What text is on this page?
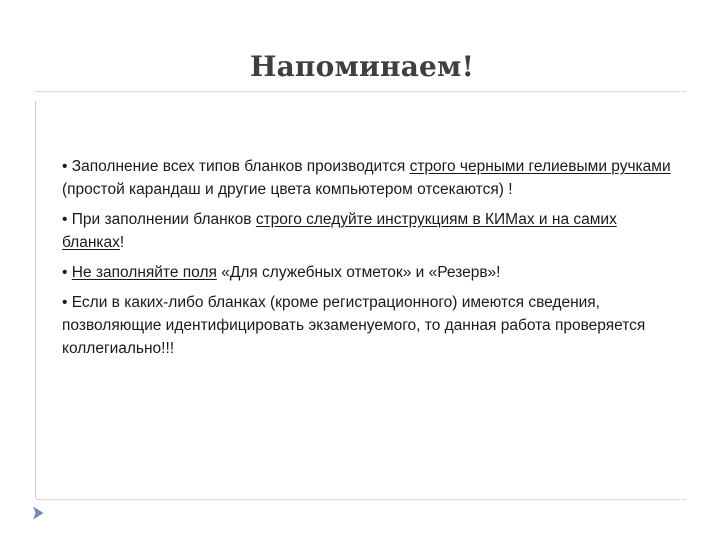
Напоминаем!

• Заполнение всех типов бланков производится строго черными гелиевыми ручками (простой карандаш и другие цвета компьютером отсекаются) !

• При заполнении бланков строго следуйте инструкциям в КИМах и на самих бланках!

• Не заполняйте поля «Для служебных отметок» и «Резерв»!

• Если в каких-либо бланках (кроме регистрационного) имеются сведения, позволяющие идентифицировать экзаменуемого, то данная работа проверяется коллегиально!!!
